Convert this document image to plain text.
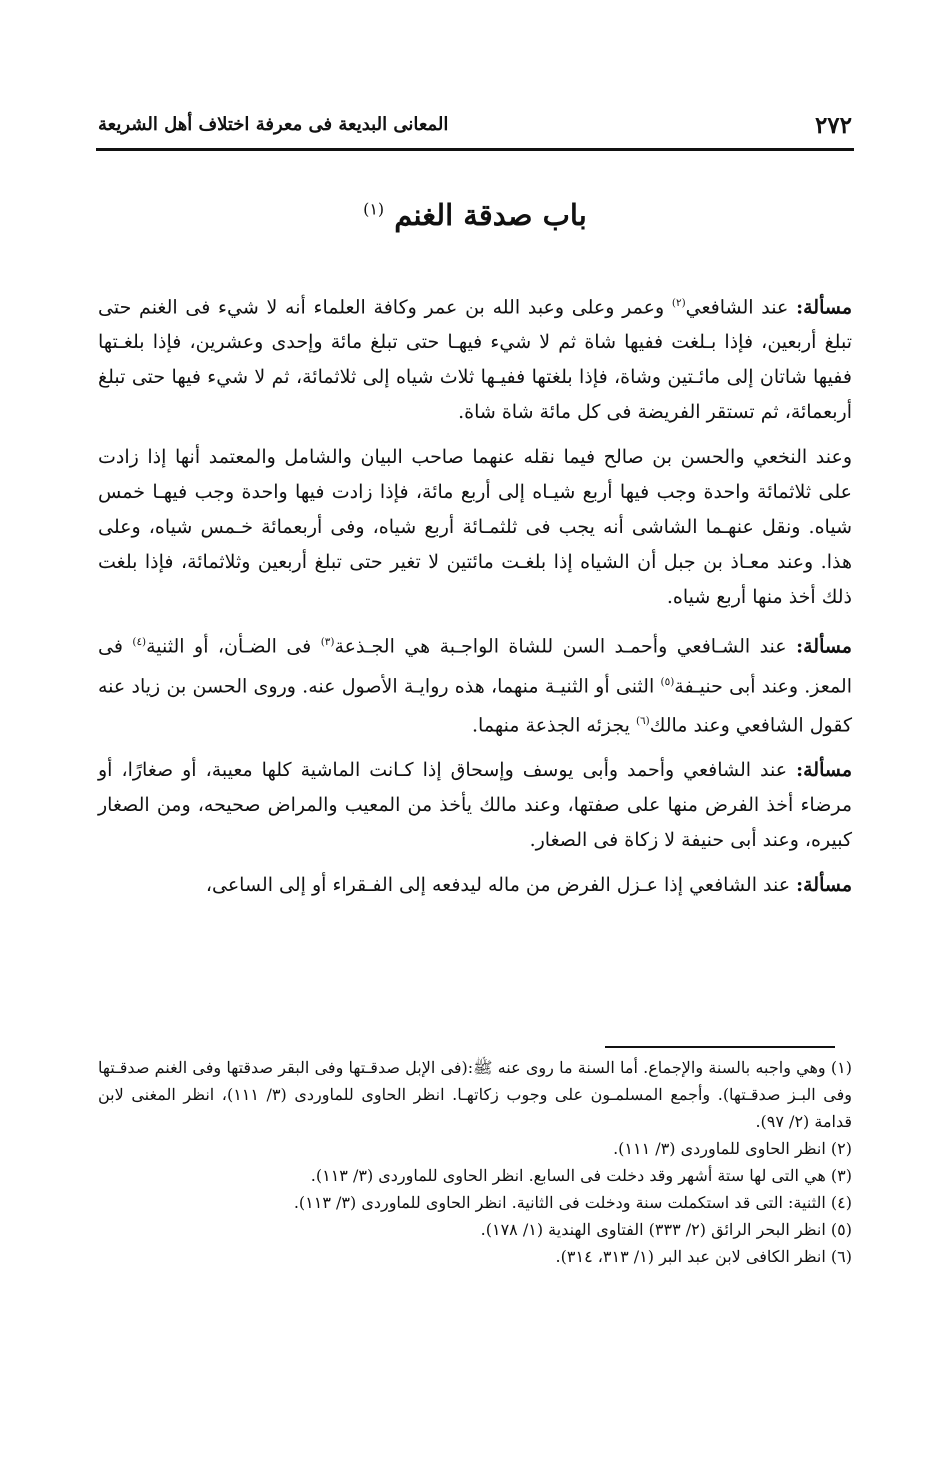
٢٧٢
المعانى البديعة فى معرفة اختلاف أهل الشريعة
باب صدقة الغنم $^{(١)}$

مسألة: عند الشافعي$^{(٢)}$ وعمر وعلى وعبد الله بن عمر وكافة العلماء أنه لا شيء فى الغنم حتى تبلغ أربعين، فإذا بـلغت ففيها شاة ثم لا شيء فيهـا حتى تبلغ مائة وإحدى وعشرين، فإذا بلغـتها ففيها شاتان إلى مائـتين وشاة، فإذا بلغتها ففيـها ثلاث شياه إلى ثلاثمائة، ثم لا شيء فيها حتى تبلغ أربعمائة، ثم تستقر الفريضة فى كل مائة شاة شاة.

وعند النخعي والحسن بن صالح فيما نقله عنهما صاحب البيان والشامل والمعتمد أنها إذا زادت على ثلاثمائة واحدة وجب فيها أربع شيـاه إلى أربع مائة، فإذا زادت فيها واحدة وجب فيهـا خمس شياه. ونقل عنهـما الشاشى أنه يجب فى ثلثمـائة أربع شياه، وفى أربعمائة خـمس شياه، وعلى هذا. وعند معـاذ بن جبل أن الشياه إذا بلغـت مائتين لا تغير حتى تبلغ أربعين وثلاثمائة، فإذا بلغت ذلك أخذ منها أربع شياه.

مسألة: عند الشـافعي وأحمـد السن للشاة الواجـبة هي الجـذعة$^{(٣)}$ فى الضـأن، أو الثنية$^{(٤)}$ فى المعز. وعند أبى حنيـفة$^{(٥)}$ الثنى أو الثنيـة منهما، هذه روايـة الأصول عنه. وروى الحسن بن زياد عنه كقول الشافعي وعند مالك$^{(٦)}$ يجزئه الجذعة منهما.

مسألة: عند الشافعي وأحمد وأبى يوسف وإسحاق إذا كـانت الماشية كلها معيبة، أو صغارًا، أو مرضاء أخذ الفرض منها على صفتها، وعند مالك يأخذ من المعيب والمراض صحيحه، ومن الصغار كبيره، وعند أبى حنيفة لا زكاة فى الصغار.

مسألة: عند الشافعي إذا عـزل الفرض من ماله ليدفعه إلى الفـقراء أو إلى الساعى،

(١) وهي واجبه بالسنة والإجماع. أما السنة ما روى عنه ﷺ:(فى الإبل صدقـتها وفى البقر صدقتها وفى الغنم صدقـتها وفى البـز صدقـتها). وأجمع المسلمـون على وجوب زكاتهـا. انظر الحاوى للماوردى (٣/ ١١١)، انظر المغنى لابن قدامة (٢/ ٩٧).

(٢) انظر الحاوى للماوردى (٣/ ١١١).

(٣) هي التى لها ستة أشهر وقد دخلت فى السابع. انظر الحاوى للماوردى (٣/ ١١٣).

(٤) الثنية: التى قد استكملت سنة ودخلت فى الثانية. انظر الحاوى للماوردى (٣/ ١١٣).

(٥) انظر البحر الرائق (٢/ ٣٣٣) الفتاوى الهندية (١/ ١٧٨).

(٦) انظر الكافى لابن عبد البر (١/ ٣١٣، ٣١٤).
